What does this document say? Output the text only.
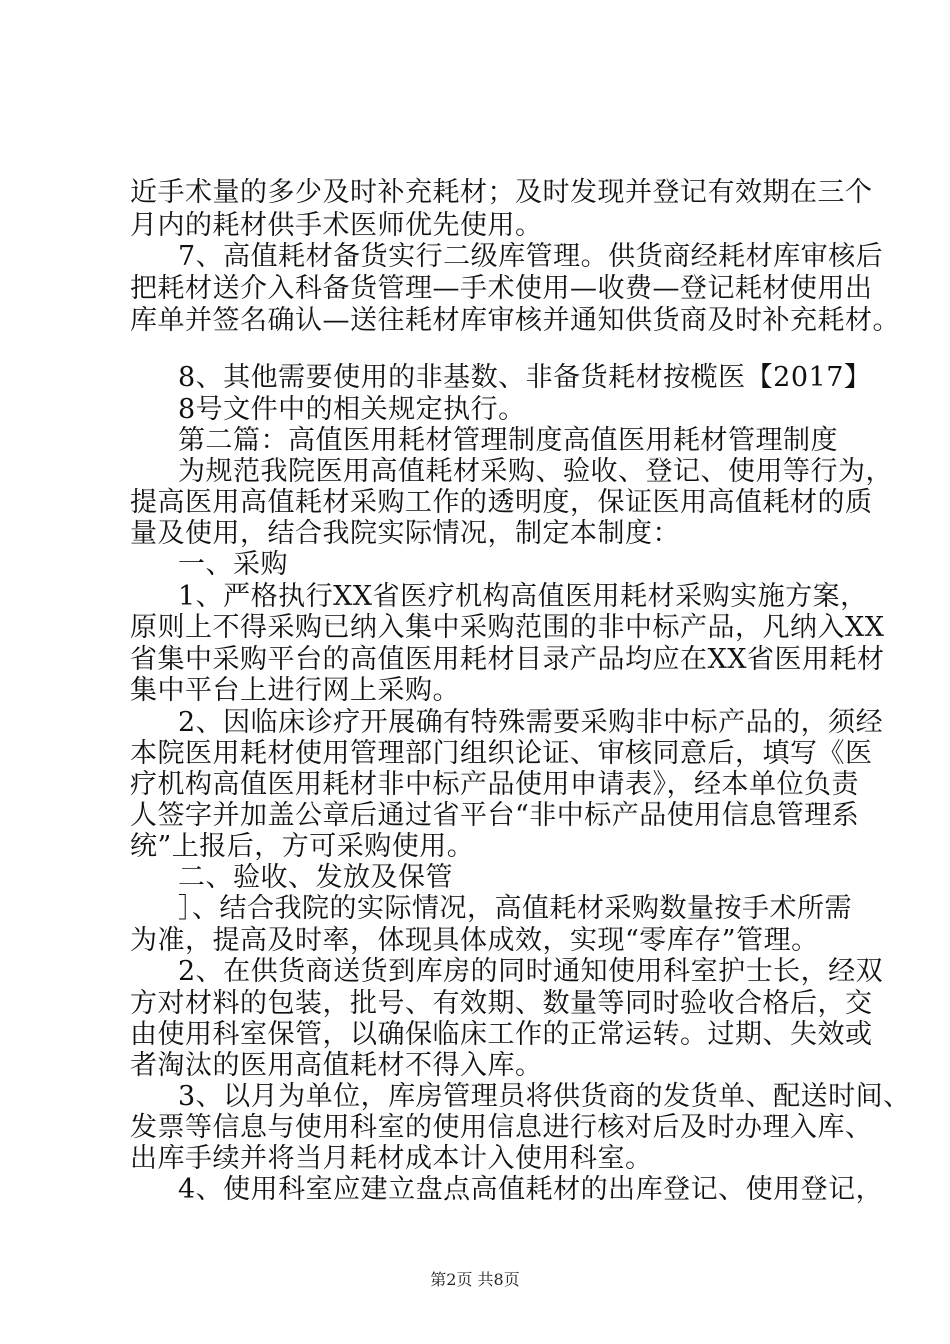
近手术量的多少及时补充耗材；及时发现并登记有效期在三个
月内的耗材供手术医师优先使用。
7、高值耗材备货实行二级库管理。供货商经耗材库审核后
把耗材送介入科备货管理—手术使用—收费—登记耗材使用出
库单并签名确认—送往耗材库审核并通知供货商及时补充耗材。
8、其他需要使用的非基数、非备货耗材按榄医【2017】
8号文件中的相关规定执行。
第二篇：高值医用耗材管理制度高值医用耗材管理制度
为规范我院医用高值耗材采购、验收、登记、使用等行为，
提高医用高值耗材采购工作的透明度，保证医用高值耗材的质
量及使用，结合我院实际情况，制定本制度：
一、采购
1、严格执行XX省医疗机构高值医用耗材采购实施方案，
原则上不得采购已纳入集中采购范围的非中标产品，凡纳入XX
省集中采购平台的高值医用耗材目录产品均应在XX省医用耗材
集中平台上进行网上采购。
2、因临床诊疗开展确有特殊需要采购非中标产品的，须经
本院医用耗材使用管理部门组织论证、审核同意后，填写《医
疗机构高值医用耗材非中标产品使用申请表》，经本单位负责
人签字并加盖公章后通过省平台“非中标产品使用信息管理系
统”上报后，方可采购使用。
二、验收、发放及保管
］、结合我院的实际情况，高值耗材采购数量按手术所需
为准，提高及时率，体现具体成效，实现“零库存”管理。
2、在供货商送货到库房的同时通知使用科室护士长，经双
方对材料的包装，批号、有效期、数量等同时验收合格后，交
由使用科室保管，以确保临床工作的正常运转。过期、失效或
者淘汰的医用高值耗材不得入库。
3、以月为单位，库房管理员将供货商的发货单、配送时间、
发票等信息与使用科室的使用信息进行核对后及时办理入库、
出库手续并将当月耗材成本计入使用科室。
4、使用科室应建立盘点高值耗材的出库登记、使用登记，
第2页 共8页
